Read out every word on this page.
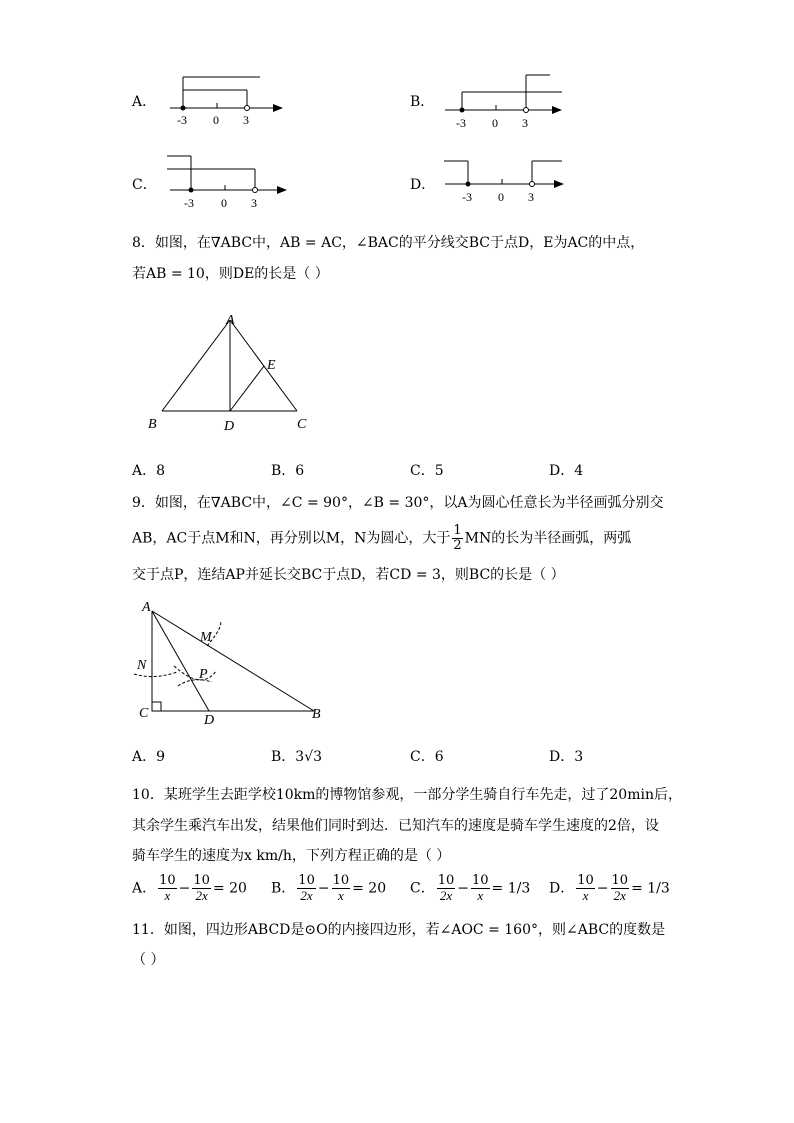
A．
-3 0 3
B．
-3 0 3
C．
-3 0 3
D．
-3 0 3
8．如图，在∇ABC中，AB = AC，∠BAC的平分线交BC于点D，E为AC的中点，
若AB = 10，则DE的长是（ ）
A
E
B	D	C
A．8	B．6	C．5	D．4
9．如图，在∇ABC中，∠C = 90°，∠B = 30°，以A为圆心任意长为半径画弧分别交
AB，AC于点M和N，再分别以M，N为圆心，大于 $\frac{1}{2}$ MN的长为半径画弧，两弧
交于点P，连结AP并延长交BC于点D，若CD = 3，则BC的长是（ ）
A
M
N
P
C	D	B
A．9	B．3√3	C．6	D．3
10．某班学生去距学校10km的博物馆参观，一部分学生骑自行车先走，过了20min后，
其余学生乘汽车出发，结果他们同时到达．已知汽车的速度是骑车学生速度的2倍，设
骑车学生的速度为x km/h，下列方程正确的是（ ）
A． $\frac{10}{x} - \frac{10}{2x} = 20$ B． $\frac{10}{2x} - \frac{10}{x} = 20$ C． $\frac{10}{2x} - \frac{10}{x} = 1/3$ D． $\frac{10}{x} - \frac{10}{2x} = 1/3$
11．如图，四边形ABCD是⊙O的内接四边形，若∠AOC = 160°，则∠ABC的度数是
（ ）
